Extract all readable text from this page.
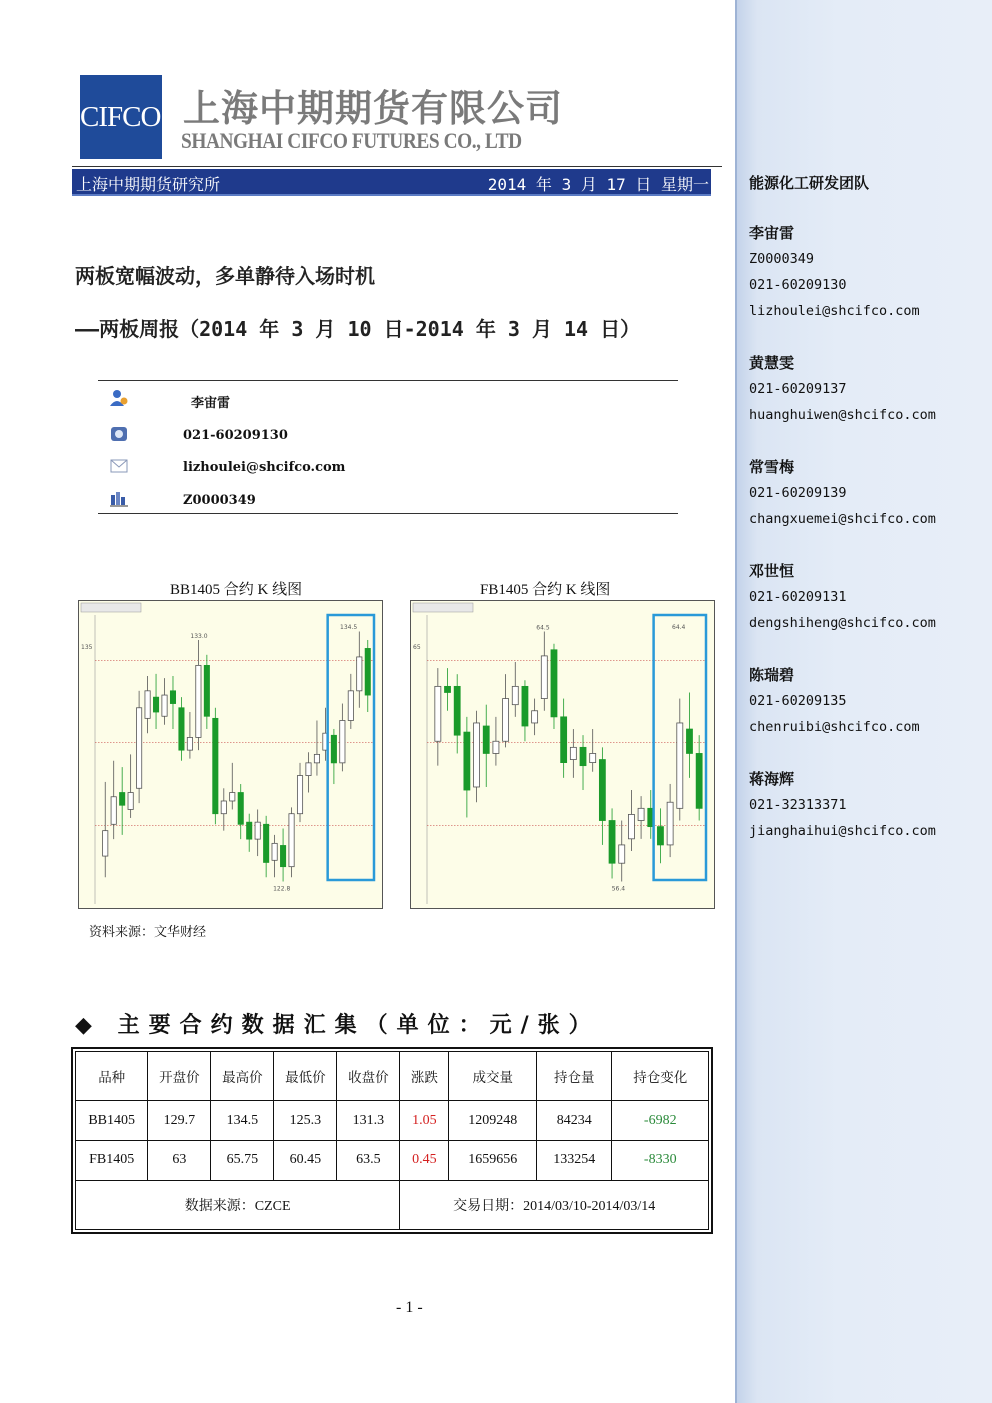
能源化工研发团队
李宙雷
Z0000349
021-60209130
lizhoulei@shcifco.com
黄慧雯
021-60209137
huanghuiwen@shcifco.com
常雪梅
021-60209139
changxuemei@shcifco.com
邓世恒
021-60209131
dengshiheng@shcifco.com
陈瑞碧
021-60209135
chenruibi@shcifco.com
蒋海辉
021-32313371
jianghaihui@shcifco.com
CIFCO 上海中期期货有限公司
SHANGHAI CIFCO FUTURES CO., LTD
上海中期期货研究所	2014 年 3 月 17 日 星期一
两板宽幅波动，多单静待入场时机
——两板周报（2014 年 3 月 10 日-2014 年 3 月 14 日）
李宙雷
021-60209130
lizhoulei@shcifco.com
Z0000349
BB1405 合约 K 线图	FB1405 合约 K 线图
135
133.0
134.5
122.8
65
64.5	64.4
56.4
资料来源：文华财经
◆ 主要合约数据汇集（单位：元/张）
品种	开盘价	最高价	最低价	收盘价	涨跌	成交量	持仓量	持仓变化
BB1405	129.7	134.5	125.3	131.3	1.05	1209248	84234	-6982
FB1405	63	65.75	60.45	63.5	0.45	1659656	133254	-8330
数据来源：CZCE					交易日期：2014/03/10-2014/03/14			
- 1 -
